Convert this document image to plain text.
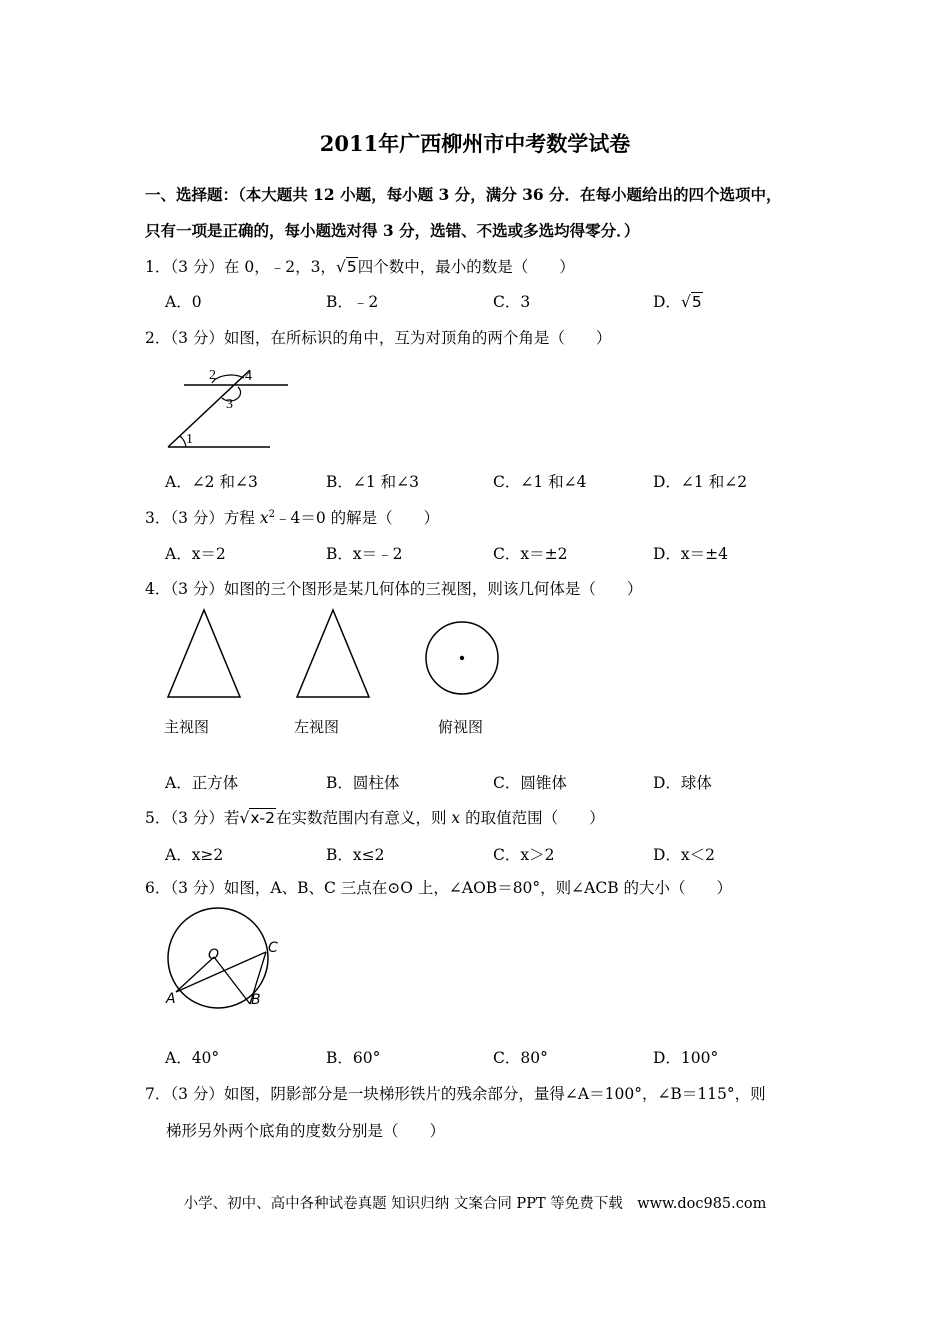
2011年广西柳州市中考数学试卷
一、选择题：（本大题共 12 小题，每小题 3 分，满分 36 分．在每小题给出的四个选项中，
只有一项是正确的，每小题选对得 3 分，选错、不选或多选均得零分．）
1．（3 分）在 0，﹣2，3，√5四个数中，最小的数是（　　）
A．0	B．﹣2	C．3	D．√5
2．（3 分）如图，在所标识的角中，互为对顶角的两个角是（　　）
2 4
3
1
A．∠2 和∠3	B．∠1 和∠3	C．∠1 和∠4	D．∠1 和∠2
3．（3 分）方程 $x^2﹣4=0$ 的解是（　　）
A．x＝2	B．x＝﹣2	C．x＝±2	D．x＝±4
4．（3 分）如图的三个图形是某几何体的三视图，则该几何体是（　　）
主视图	左视图	俯视图
A．正方体	B．圆柱体	C．圆锥体	D．球体
5．（3 分）若√x-2在实数范围内有意义，则 x 的取值范围（　　）
A．x≥2	B．x≤2	C．x＞2	D．x＜2
6．（3 分）如图，A、B、C 三点在⊙O 上，∠AOB＝80°，则∠ACB 的大小（　　）
O	C
A	B
A．40°	B．60°	C．80°	D．100°
7．（3 分）如图，阴影部分是一块梯形铁片的残余部分，量得∠A＝100°，∠B＝115°，则
梯形另外两个底角的度数分别是（　　）
小学、初中、高中各种试卷真题 知识归纳 文案合同 PPT 等免费下载　www.doc985.com
